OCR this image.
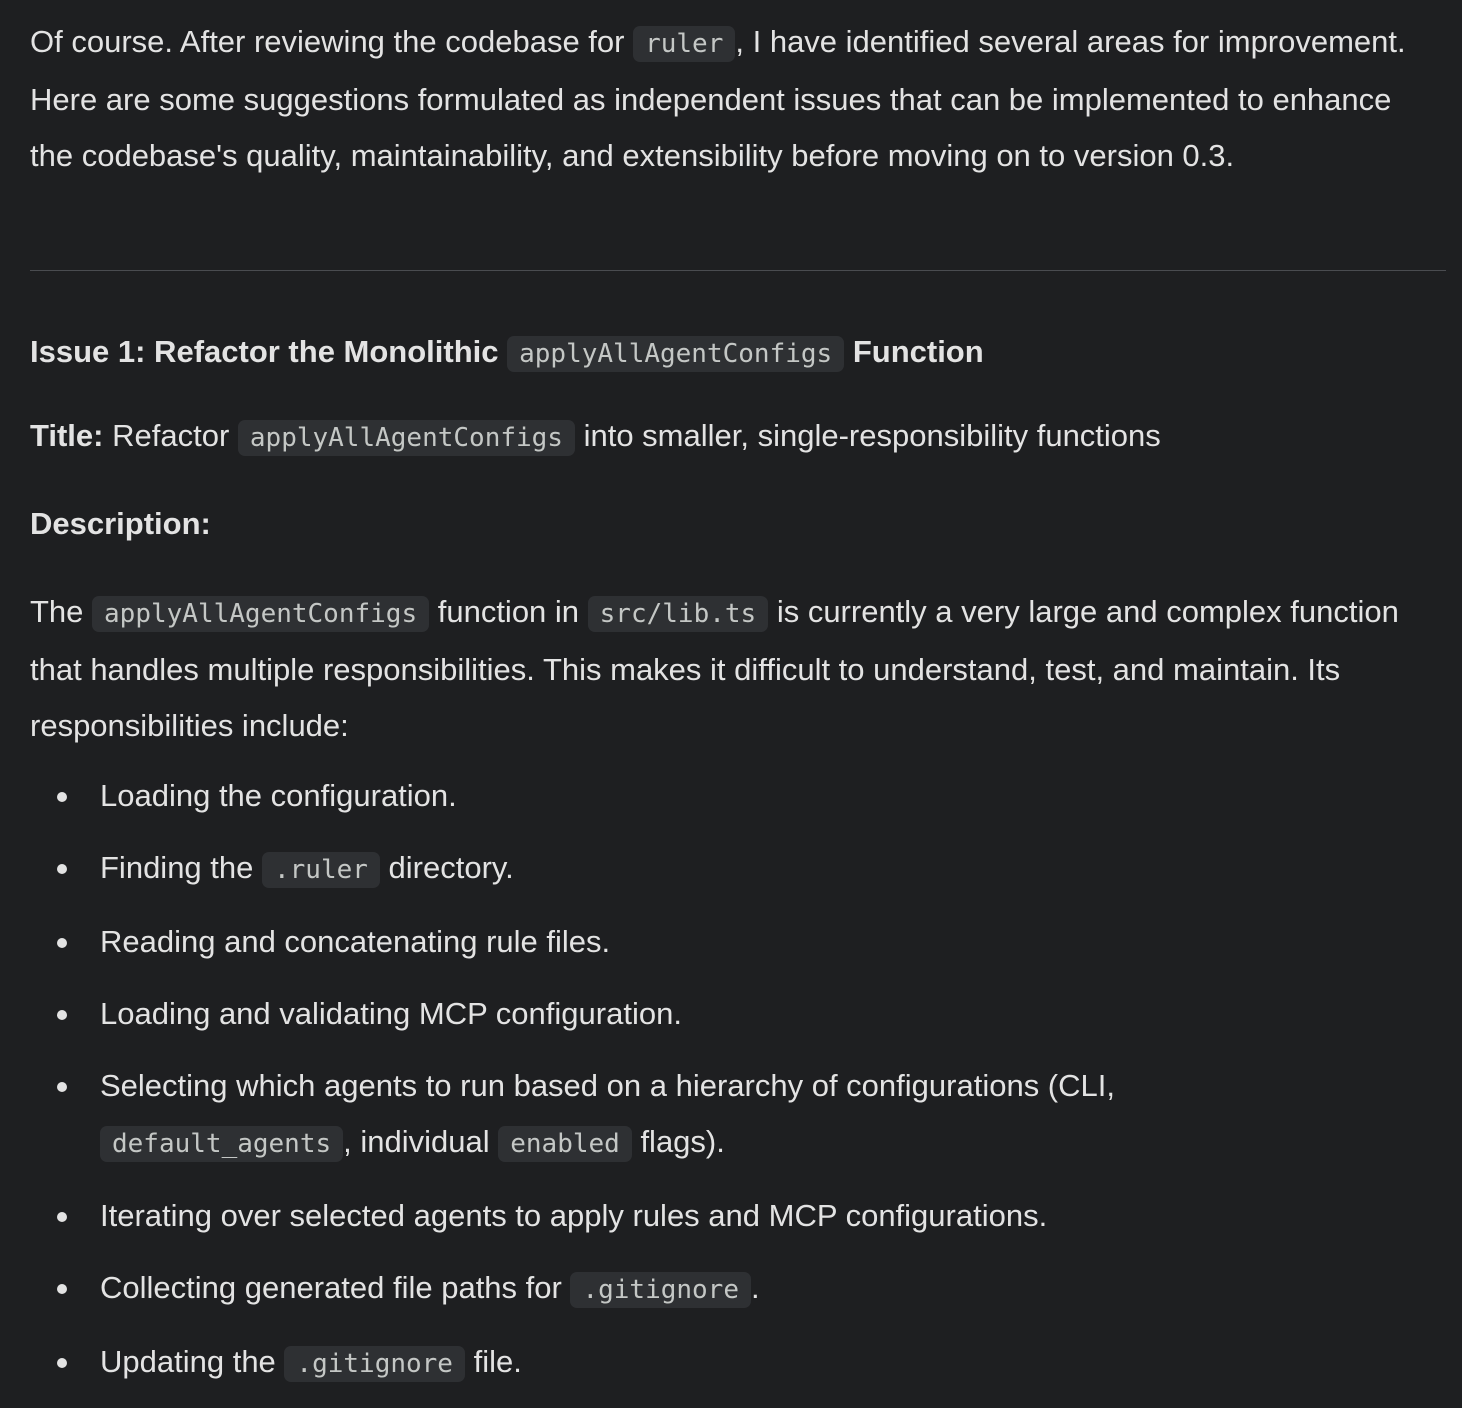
Of course. After reviewing the codebase for ruler , I have identified several areas for improvement. Here are some suggestions formulated as independent issues that can be implemented to enhance the codebase's quality, maintainability, and extensibility before moving on to version 0.3.

Issue 1: Refactor the Monolithic applyAllAgentConfigs Function

Title: Refactor applyAllAgentConfigs into smaller, single-responsibility functions

Description:

The applyAllAgentConfigs function in src/lib.ts is currently a very large and complex function that handles multiple responsibilities. This makes it difficult to understand, test, and maintain. Its responsibilities include:

Loading the configuration.
Finding the .ruler directory.
Reading and concatenating rule files.
Loading and validating MCP configuration.
Selecting which agents to run based on a hierarchy of configurations (CLI, default_agents , individual enabled flags).
Iterating over selected agents to apply rules and MCP configurations.
Collecting generated file paths for .gitignore .
Updating the .gitignore file.
